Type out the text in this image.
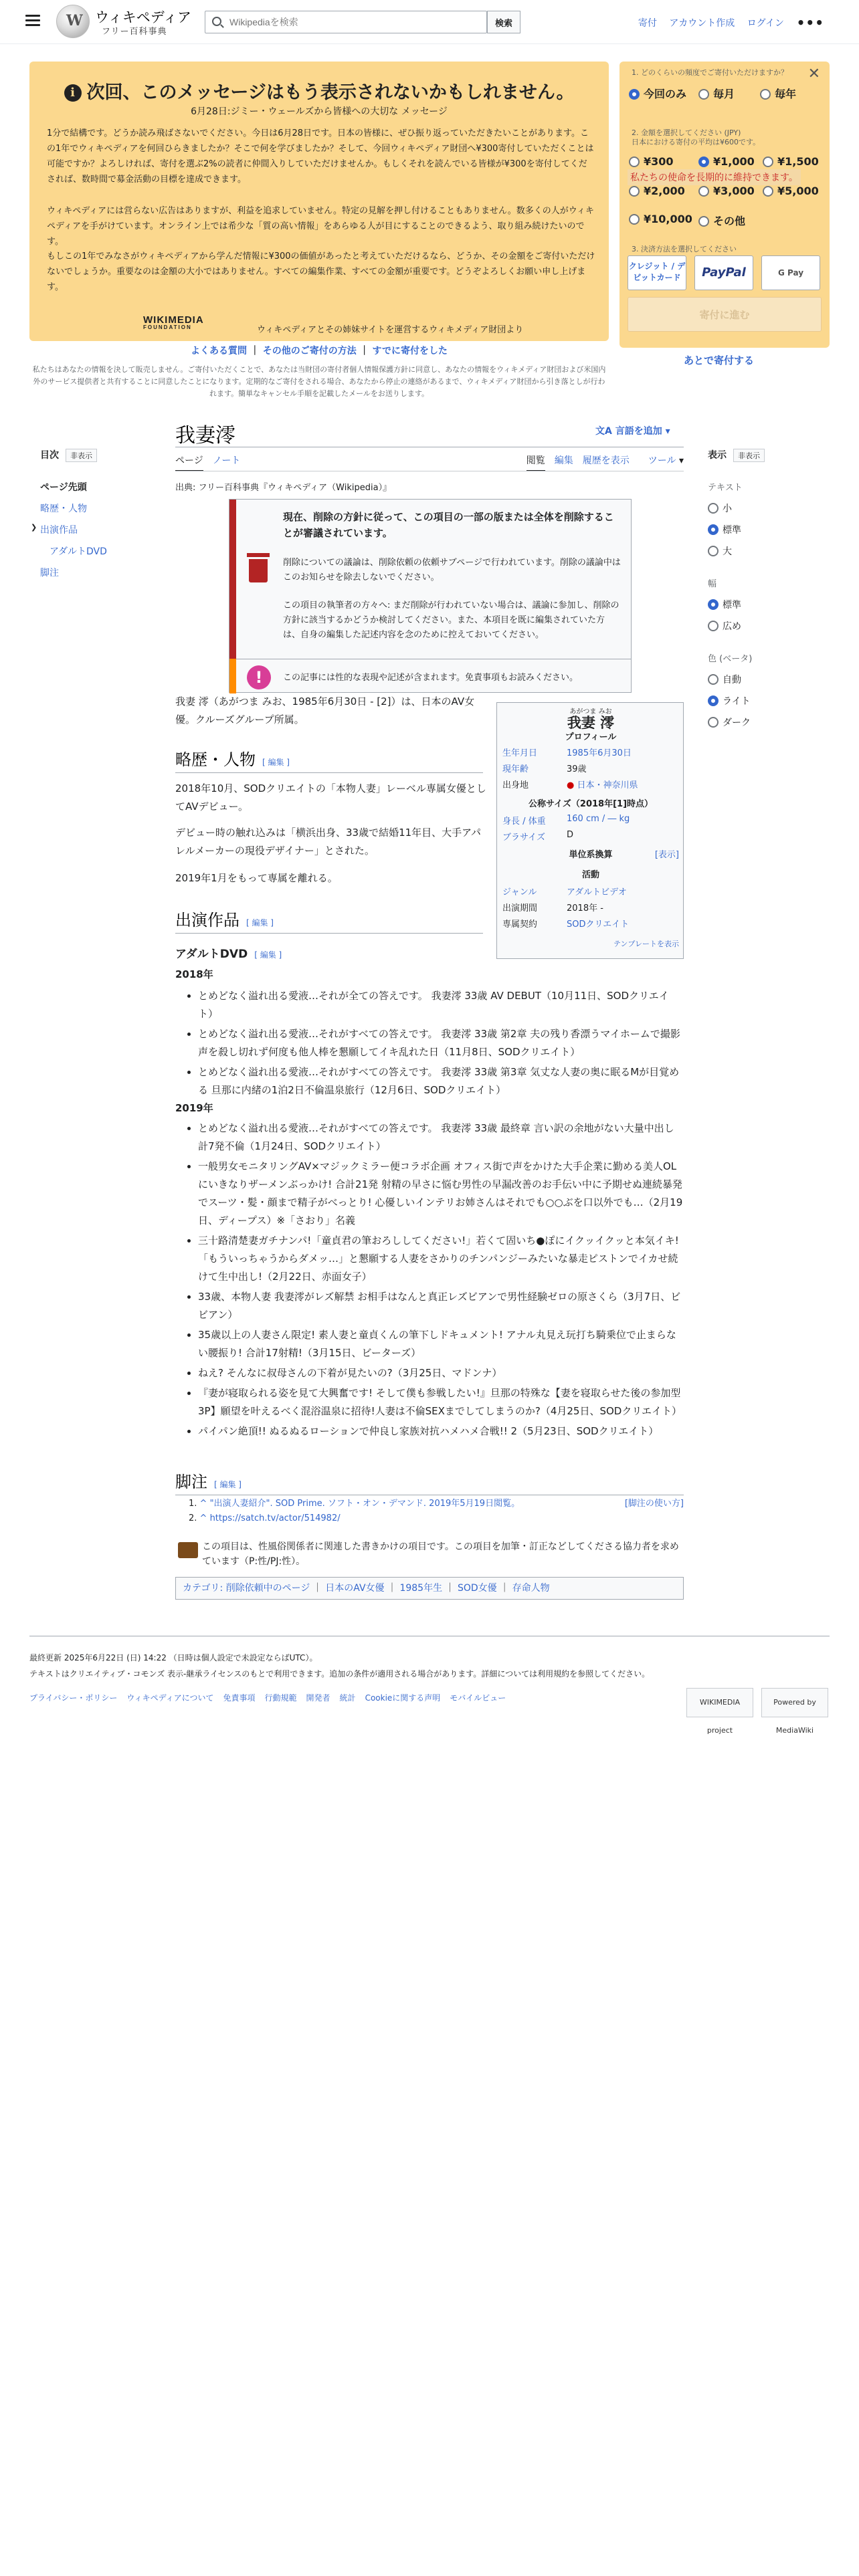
W ウィキペディア
フリー百科事典
Wikipediaを検索
検索	寄付 アカウント作成 ログイン •••
i 次回、このメッセージはもう表示されないかもしれません。
6月28日:ジミー・ウェールズから皆様への大切な メッセージ
1分で結構です。どうか読み飛ばさないでください。今日は6月28日です。日本の皆様に、ぜひ振り返っていただきたいことがあります。この1年でウィキペディアを何回ひらきましたか？そこで何を学びましたか？そして、今回ウィキペディア財団へ¥300寄付していただくことは可能ですか？よろしければ、寄付を選ぶ2%の読者に仲間入りしていただけませんか。もしくそれを読んでいる皆様が¥300を寄付してくだされば、数時間で募金活動の目標を達成できます。
ウィキペディアには営らない広告はありますが、利益を追求していません。特定の見解を押し付けることもありません。数多くの人がウィキペディアを手がけています。オンライン上では希少な「質の高い情報」をあらゆる人が目にすることのできるよう、取り組み続けたいのです。
もしこの1年でみなさがウィキペディアから学んだ情報に¥300の価値があったと考えていただけるなら、どうか、その金額をご寄付いただけないでしょうか。重要なのは金額の大小ではありません。すべての編集作業、すべての金額が重要です。どうぞよろしくお願い申し上げます。
WIKIMEDIA
FOUNDATION	ウィキペディアとその姉妹サイトを運営するウィキメディア財団より
✕
1. どのくらいの頻度でご寄付いただけますか？
今回のみ	毎月	毎年
私たちの使命を長期的に維持できます。
2. 金額を選択してください (JPY)
日本における寄付の平均は¥600です。
¥300	¥1,000	¥1,500
¥2,000	¥3,000	¥5,000
¥10,000	その他
3. 決済方法を選択してください
クレジット / デビットカード	PayPal	G Pay
寄付に進む
よくある質問 ｜ その他のご寄付の方法 ｜ すでに寄付をした
あとで寄付する
私たちはあなたの情報を決して販売しません。ご寄付いただくことで、あなたは当財団の寄付者個人情報保護方針に同意し、あなたの情報をウィキメディア財団および米国内外のサービス提供者と共有することに同意したことになります。定期的なご寄付をされる場合、あなたから停止の連絡があるまで、ウィキメディア財団から引き落としが行われます。簡単なキャンセル手順を記載したメールをお送りします。
目次 非表示
ページ先頭
略歴・人物
❯ 出演作品
アダルトDVD
脚注
我妻澪	文A 言語を追加 ▾
ページ ノート	閲覧 編集 履歴を表示 ツール ▾
出典: フリー百科事典『ウィキペディア（Wikipedia）』
現在、削除の方針に従って、この項目の一部の版または全体を削除することが審議されています。
削除についての議論は、削除依頼の依頼サブページで行われています。削除の議論中はこのお知らせを除去しないでください。
この項目の執筆者の方々へ: まだ削除が行われていない場合は、議論に参加し、削除の方針に該当するかどうか検討してください。また、本項目を既に編集されていた方は、自身の編集した記述内容を念のために控えておいてください。
!	この記事には性的な表現や記述が含まれます。免責事項もお読みください。
我妻 澪（あがつま みお、1985年6月30日 - [2]）は、日本のAV女優。クルーズグループ所属。
略歴・人物 [ 編集 ]
2018年10月、SODクリエイトの「本物人妻」レーベル専属女優としてAVデビュー。
デビュー時の触れ込みは「横浜出身、33歳で結婚11年目、大手アパレルメーカーの現役デザイナー」とされた。
2019年1月をもって専属を離れる。
あがつま みお
我妻 澪
プロフィール
生年月日	1985年6月30日
現年齢	39歳
出身地	● 日本・神奈川県
公称サイズ（2018年[1]時点）
身長 / 体重	160 cm / ― kg
ブラサイズ	D
単位系換算	[表示]
活動
ジャンル	アダルトビデオ
出演期間	2018年 -
専属契約	SODクリエイト
テンプレートを表示
出演作品 [ 編集 ]
アダルトDVD [ 編集 ]
2018年
• とめどなく溢れ出る愛液…それが全ての答えです。 我妻澪 33歳 AV DEBUT（10月11日、SODクリエイト）
• とめどなく溢れ出る愛液…それがすべての答えです。 我妻澪 33歳 第2章 夫の残り香漂うマイホームで撮影 声を殺し切れず何度も他人棒を懇願してイキ乱れた日（11月8日、SODクリエイト）
• とめどなく溢れ出る愛液…それがすべての答えです。 我妻澪 33歳 第3章 気丈な人妻の奥に眠るMが目覚める 旦那に内緒の1泊2日不倫温泉旅行（12月6日、SODクリエイト）
2019年
• とめどなく溢れ出る愛液…それがすべての答えです。 我妻澪 33歳 最終章 言い訳の余地がない大量中出し計7発不倫（1月24日、SODクリエイト）
• 一般男女モニタリングAV×マジックミラー便コラボ企画 オフィス街で声をかけた大手企業に勤める美人OLにいきなりザーメンぶっかけ! 合計21発 射精の早さに悩む男性の早漏改善のお手伝い中に予期せぬ連続暴発でスーツ・髪・顔まで精子がべっとり! 心優しいインテリお姉さんはそれでも○○ぶを口以外でも…（2月19日、ディープス）※「さおり」名義
• 三十路清楚妻ガチナンパ!「童貞君の筆おろししてください!」若くて固いち●ぽにイクッイクッと本気イキ! 「もういっちゃうからダメッ…」と懇願する人妻をさかりのチンパンジーみたいな暴走ピストンでイカせ続けて生中出し!（2月22日、赤面女子）
• 33歳、本物人妻 我妻澪がレズ解禁 お相手はなんと真正レズビアンで男性経験ゼロの原さくら（3月7日、ビビアン）
• 35歳以上の人妻さん限定! 素人妻と童貞くんの筆下しドキュメント! アナル丸見え玩打ち騎乗位で止まらない腰振り! 合計17射精!（3月15日、ビーターズ）
• ねえ? そんなに叔母さんの下着が見たいの?（3月25日、マドンナ）
• 『妻が寝取られる姿を見て大興奮です! そして僕も参戦したい!』旦那の特殊な【妻を寝取らせた後の参加型3P】願望を叶えるべく混浴温泉に招待!人妻は不倫SEXまでしてしまうのか?（4月25日、SODクリエイト）
• パイパン絶頂!! ぬるぬるローションで仲良し家族対抗ハメハメ合戦!! 2（5月23日、SODクリエイト）
脚注 [ 編集 ]
1. ^ "出演人妻紹介". SOD Prime. ソフト・オン・デマンド. 2019年5月19日閲覧。	[脚注の使い方]
2. ^ https://satch.tv/actor/514982/
この項目は、性風俗関係者に関連した書きかけの項目です。この項目を加筆・訂正などしてくださる協力者を求めています（P:性/PJ:性）。
カテゴリ: 削除依頼中のページ ｜ 日本のAV女優 ｜ 1985年生 ｜ SOD女優 ｜ 存命人物
表示 非表示
テキスト
小
標準
大
幅
標準
広め
色 (ベータ)
自動
ライト
ダーク
最終更新 2025年6月22日 (日) 14:22 （日時は個人設定で未設定ならばUTC）。
テキストはクリエイティブ・コモンズ 表示-継承ライセンスのもとで利用できます。追加の条件が適用される場合があります。詳細については利用規約を参照してください。
プライバシー・ポリシー ウィキペディアについて 免責事項 行動規範 開発者 統計 Cookieに関する声明 モバイルビュー	WIKIMEDIA project
Powered by MediaWiki
